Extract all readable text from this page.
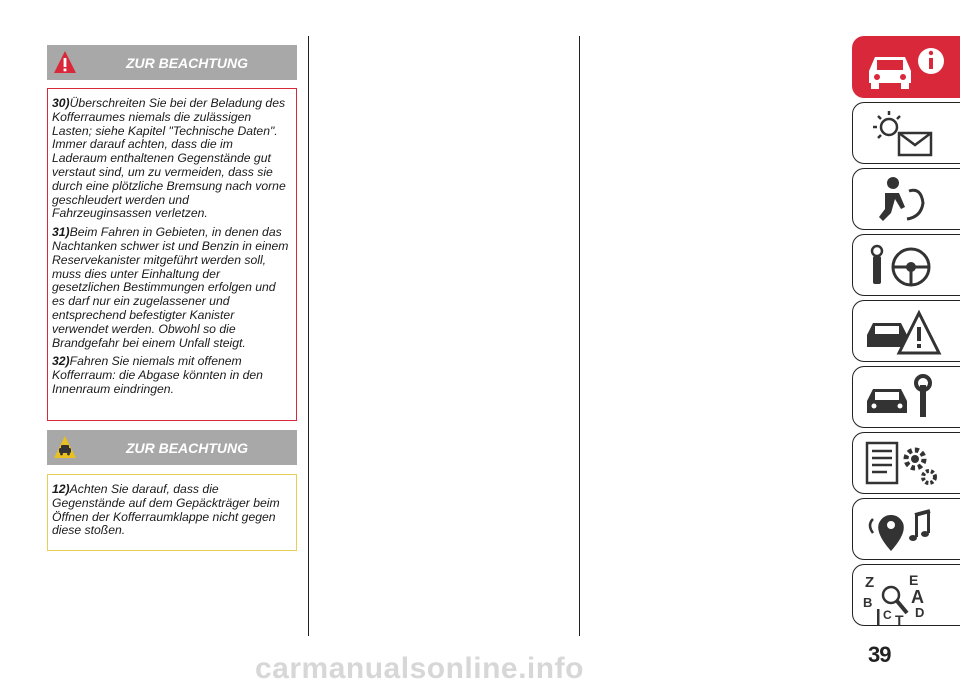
ZUR BEACHTUNG

30)Überschreiten Sie bei der Beladung des Kofferraumes niemals die zulässigen Lasten; siehe Kapitel "Technische Daten". Immer darauf achten, dass die im Laderaum enthaltenen Gegenstände gut verstaut sind, um zu vermeiden, dass sie durch eine plötzliche Bremsung nach vorne geschleudert werden und Fahrzeuginsassen verletzen.

31)Beim Fahren in Gebieten, in denen das Nachtanken schwer ist und Benzin in einem Reservekanister mitgeführt werden soll, muss dies unter Einhaltung der gesetzlichen Bestimmungen erfolgen und es darf nur ein zugelassener und entsprechend befestigter Kanister verwendet werden. Obwohl so die Brandgefahr bei einem Unfall steigt.

32)Fahren Sie niemals mit offenem Kofferraum: die Abgase könnten in den Innenraum eindringen.

ZUR BEACHTUNG

12)Achten Sie darauf, dass die Gegenstände auf dem Gepäckträger beim Öffnen der Kofferraumklappe nicht gegen diese stoßen.

Z E
A
B
C D
T
39
carmanualsonline.info
